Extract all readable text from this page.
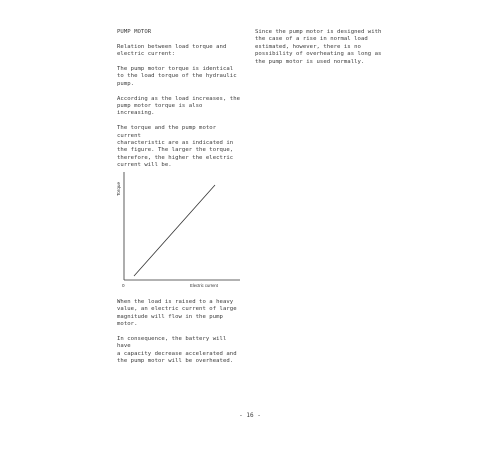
PUMP MOTOR
Relation between load torque and
electric current:
The pump motor torque is identical
to the load torque of the hydraulic
pump.
According as the load increases, the
pump motor torque is also increasing.
The torque and the pump motor current
characteristic are as indicated in
the figure. The larger the torque,
therefore, the higher the electric
current will be.
Since the pump motor is designed with
the case of a rise in normal load
estimated, however, there is no
possibility of overheating as long as
the pump motor is used normally.
Torque
Electric current
0
When the load is raised to a heavy
value, an electric current of large
magnitude will flow in the pump motor.
In consequence, the battery will have
a capacity decrease accelerated and
the pump motor will be overheated.
- 16 -
